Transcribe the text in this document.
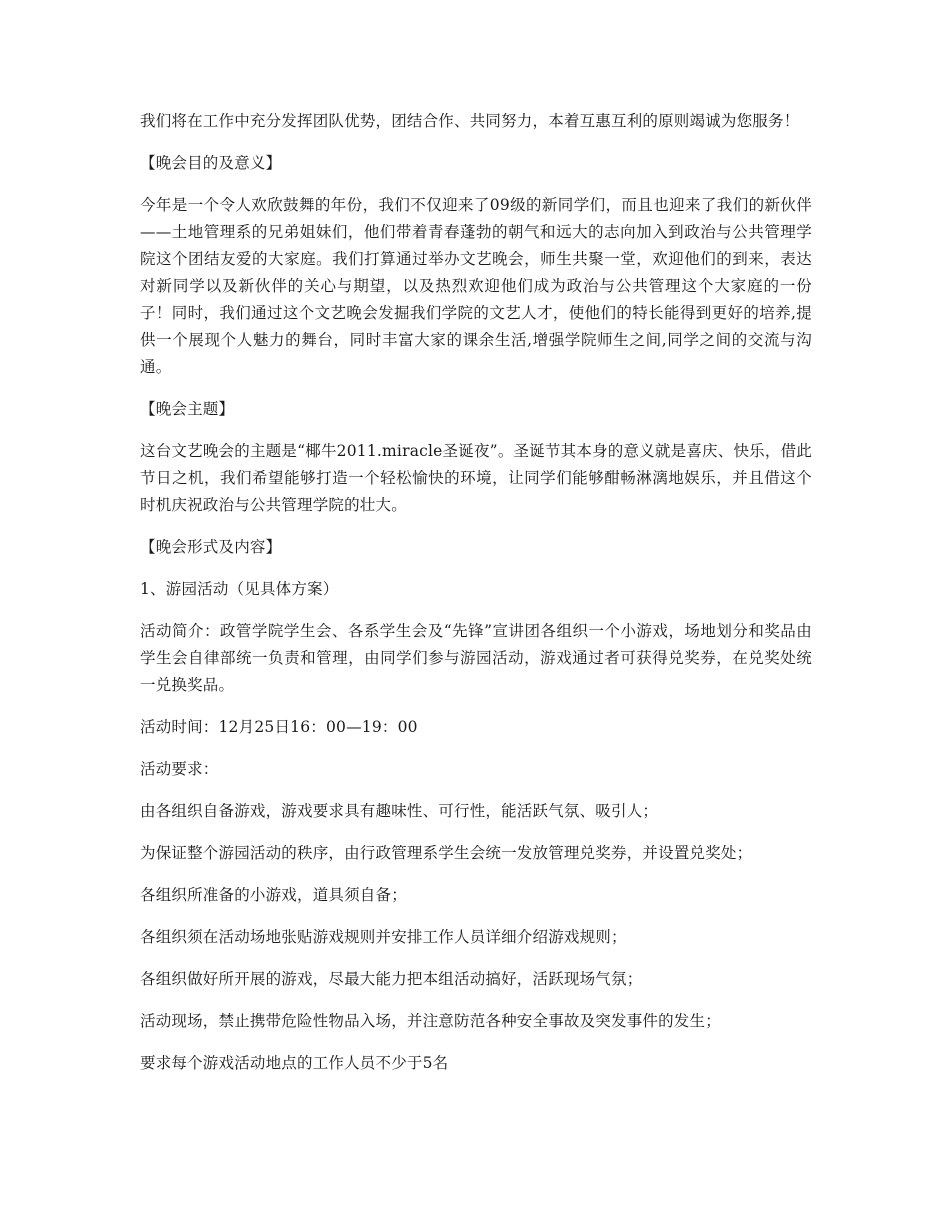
我们将在工作中充分发挥团队优势，团结合作、共同努力，本着互惠互利的原则竭诚为您服务！

【晚会目的及意义】

今年是一个令人欢欣鼓舞的年份，我们不仅迎来了09级的新同学们，而且也迎来了我们的新伙伴——土地管理系的兄弟姐妹们，他们带着青春蓬勃的朝气和远大的志向加入到政治与公共管理学院这个团结友爱的大家庭。我们打算通过举办文艺晚会，师生共聚一堂，欢迎他们的到来，表达对新同学以及新伙伴的关心与期望，以及热烈欢迎他们成为政治与公共管理这个大家庭的一份子！同时，我们通过这个文艺晚会发掘我们学院的文艺人才，使他们的特长能得到更好的培养,提供一个展现个人魅力的舞台，同时丰富大家的课余生活,增强学院师生之间,同学之间的交流与沟通。

【晚会主题】

这台文艺晚会的主题是“椰牛2011.miracle圣诞夜”。圣诞节其本身的意义就是喜庆、快乐，借此节日之机，我们希望能够打造一个轻松愉快的环境，让同学们能够酣畅淋漓地娱乐，并且借这个时机庆祝政治与公共管理学院的壮大。

【晚会形式及内容】

1、游园活动（见具体方案）

活动简介：政管学院学生会、各系学生会及“先锋”宣讲团各组织一个小游戏，场地划分和奖品由学生会自律部统一负责和管理，由同学们参与游园活动，游戏通过者可获得兑奖券，在兑奖处统一兑换奖品。

活动时间：12月25日16：00—19：00

活动要求：

由各组织自备游戏，游戏要求具有趣味性、可行性，能活跃气氛、吸引人；

为保证整个游园活动的秩序，由行政管理系学生会统一发放管理兑奖券，并设置兑奖处；

各组织所准备的小游戏，道具须自备；

各组织须在活动场地张贴游戏规则并安排工作人员详细介绍游戏规则；

各组织做好所开展的游戏，尽最大能力把本组活动搞好，活跃现场气氛；

活动现场，禁止携带危险性物品入场，并注意防范各种安全事故及突发事件的发生；

要求每个游戏活动地点的工作人员不少于5名
